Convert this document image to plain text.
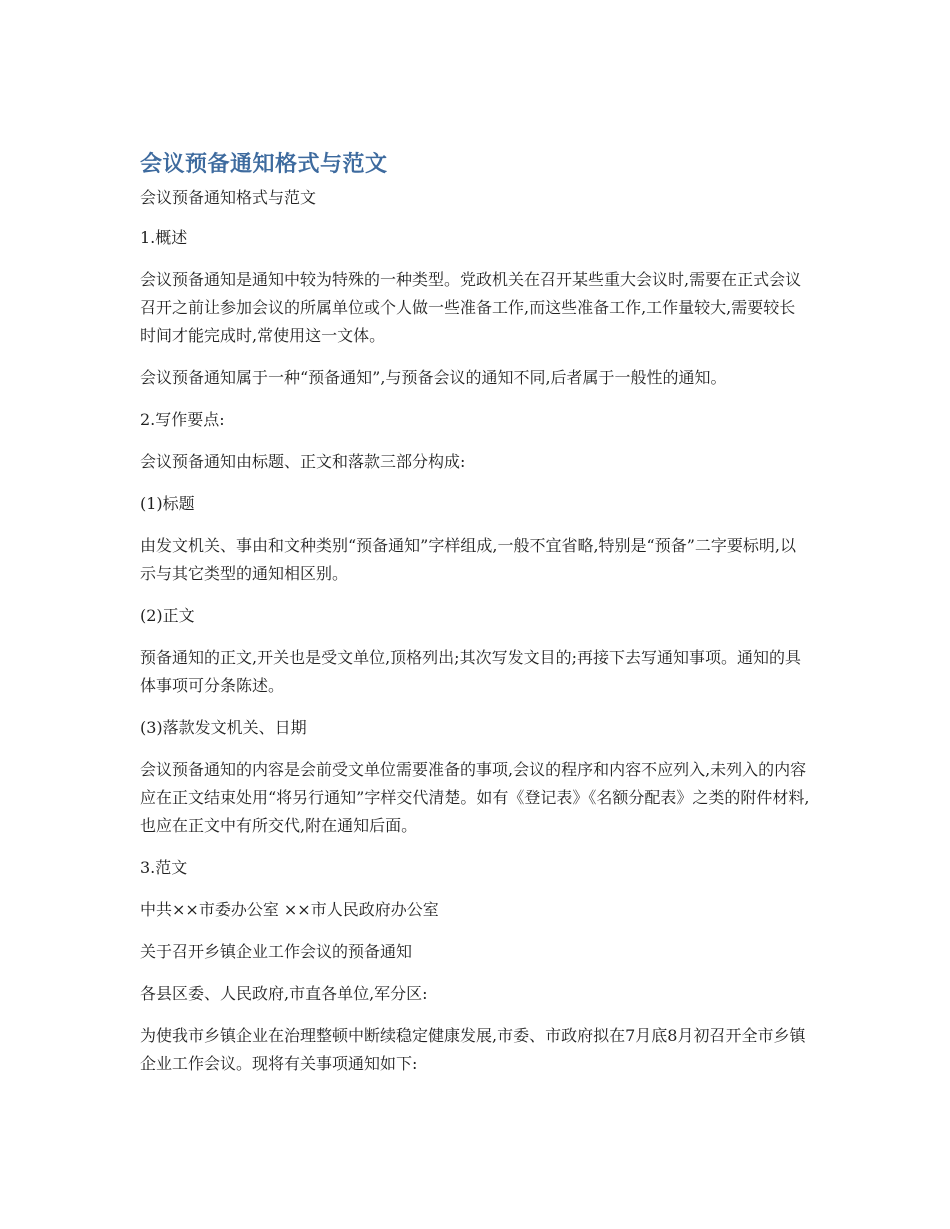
会议预备通知格式与范文

会议预备通知格式与范文

1.概述

会议预备通知是通知中较为特殊的一种类型。党政机关在召开某些重大会议时,需要在正式会议召开之前让参加会议的所属单位或个人做一些准备工作,而这些准备工作,工作量较大,需要较长时间才能完成时,常使用这一文体。

会议预备通知属于一种“预备通知”,与预备会议的通知不同,后者属于一般性的通知。

2.写作要点:

会议预备通知由标题、正文和落款三部分构成:

(1)标题

由发文机关、事由和文种类别“预备通知”字样组成,一般不宜省略,特别是“预备”二字要标明,以示与其它类型的通知相区别。

(2)正文

预备通知的正文,开关也是受文单位,顶格列出;其次写发文目的;再接下去写通知事项。通知的具体事项可分条陈述。

(3)落款发文机关、日期

会议预备通知的内容是会前受文单位需要准备的事项,会议的程序和内容不应列入,未列入的内容应在正文结束处用“将另行通知”字样交代清楚。如有《登记表》《名额分配表》之类的附件材料,也应在正文中有所交代,附在通知后面。

3.范文

中共××市委办公室 ××市人民政府办公室

关于召开乡镇企业工作会议的预备通知

各县区委、人民政府,市直各单位,军分区:

为使我市乡镇企业在治理整顿中断续稳定健康发展,市委、市政府拟在7月底8月初召开全市乡镇企业工作会议。现将有关事项通知如下:
